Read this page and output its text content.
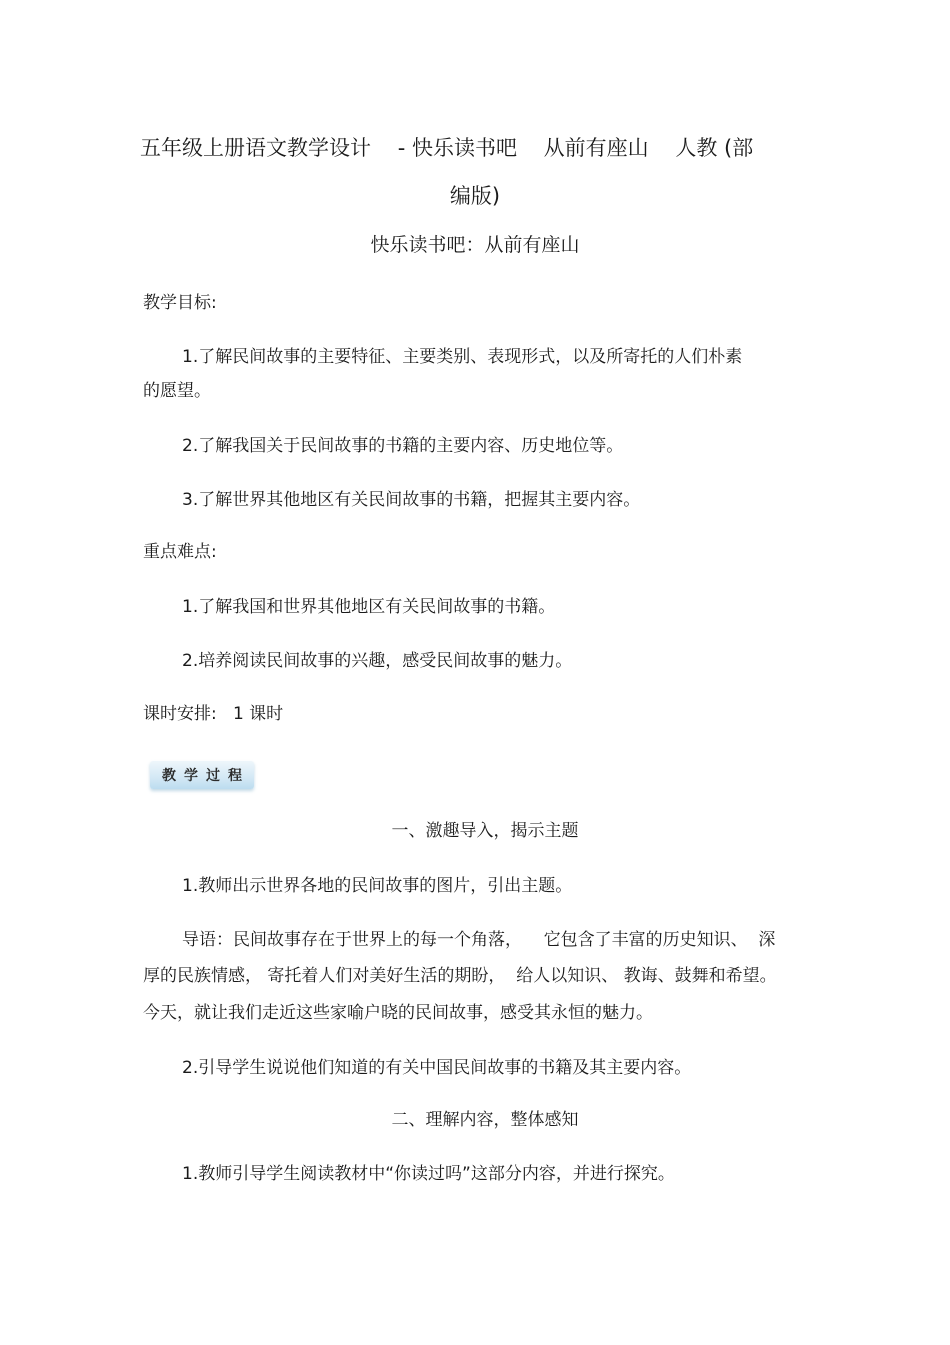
五年级上册语文教学设计    - 快乐读书吧    从前有座山    人教 (部
编版)
快乐读书吧：从前有座山
教学目标:
1.了解民间故事的主要特征、主要类别、表现形式，以及所寄托的人们朴素
的愿望。
2.了解我国关于民间故事的书籍的主要内容、历史地位等。
3.了解世界其他地区有关民间故事的书籍，把握其主要内容。
重点难点:
1.了解我国和世界其他地区有关民间故事的书籍。
2.培养阅读民间故事的兴趣，感受民间故事的魅力。
课时安排:   1 课时
教学过程
一、激趣导入，揭示主题
1.教师出示世界各地的民间故事的图片，引出主题。
导语：民间故事存在于世界上的每一个角落，    它包含了丰富的历史知识、  深
厚的民族情感， 寄托着人们对美好生活的期盼，  给人以知识、 教诲、鼓舞和希望。
今天，就让我们走近这些家喻户晓的民间故事，感受其永恒的魅力。
2.引导学生说说他们知道的有关中国民间故事的书籍及其主要内容。
二、理解内容，整体感知
1.教师引导学生阅读教材中“你读过吗”这部分内容，并进行探究。
